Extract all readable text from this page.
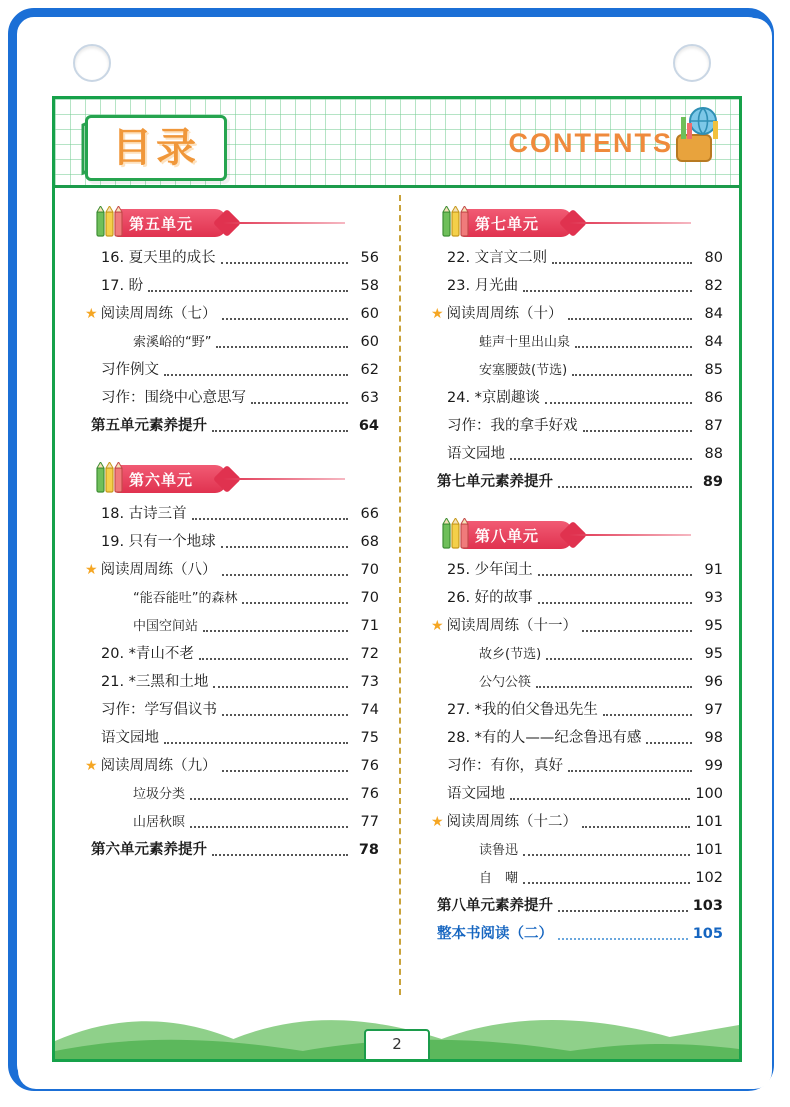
目录	CONTENTS
第五单元
16. 夏天里的成长	56
17. 盼	58
★ 阅读周周练（七）	60
索溪峪的“野”	60
习作例文	62
习作：围绕中心意思写	63
第五单元素养提升	64
第六单元
18. 古诗三首	66
19. 只有一个地球	68
★ 阅读周周练（八）	70
“能吞能吐”的森林	70
中国空间站	71
20. *青山不老	72
21. *三黑和土地	73
习作：学写倡议书	74
语文园地	75
★ 阅读周周练（九）	76
垃圾分类	76
山居秋暝	77
第六单元素养提升	78
第七单元
22. 文言文二则	80
23. 月光曲	82
★ 阅读周周练（十）	84
蛙声十里出山泉	84
安塞腰鼓(节选)	85
24. *京剧趣谈	86
习作：我的拿手好戏	87
语文园地	88
第七单元素养提升	89
第八单元
25. 少年闰土	91
26. 好的故事	93
★ 阅读周周练（十一）	95
故乡(节选)	95
公勺公筷	96
27. *我的伯父鲁迅先生	97
28. *有的人——纪念鲁迅有感	98
习作：有你，真好	99
语文园地	100
★ 阅读周周练（十二）	101
读鲁迅	101
自　嘲	102
第八单元素养提升	103
整本书阅读（二）	105
2
